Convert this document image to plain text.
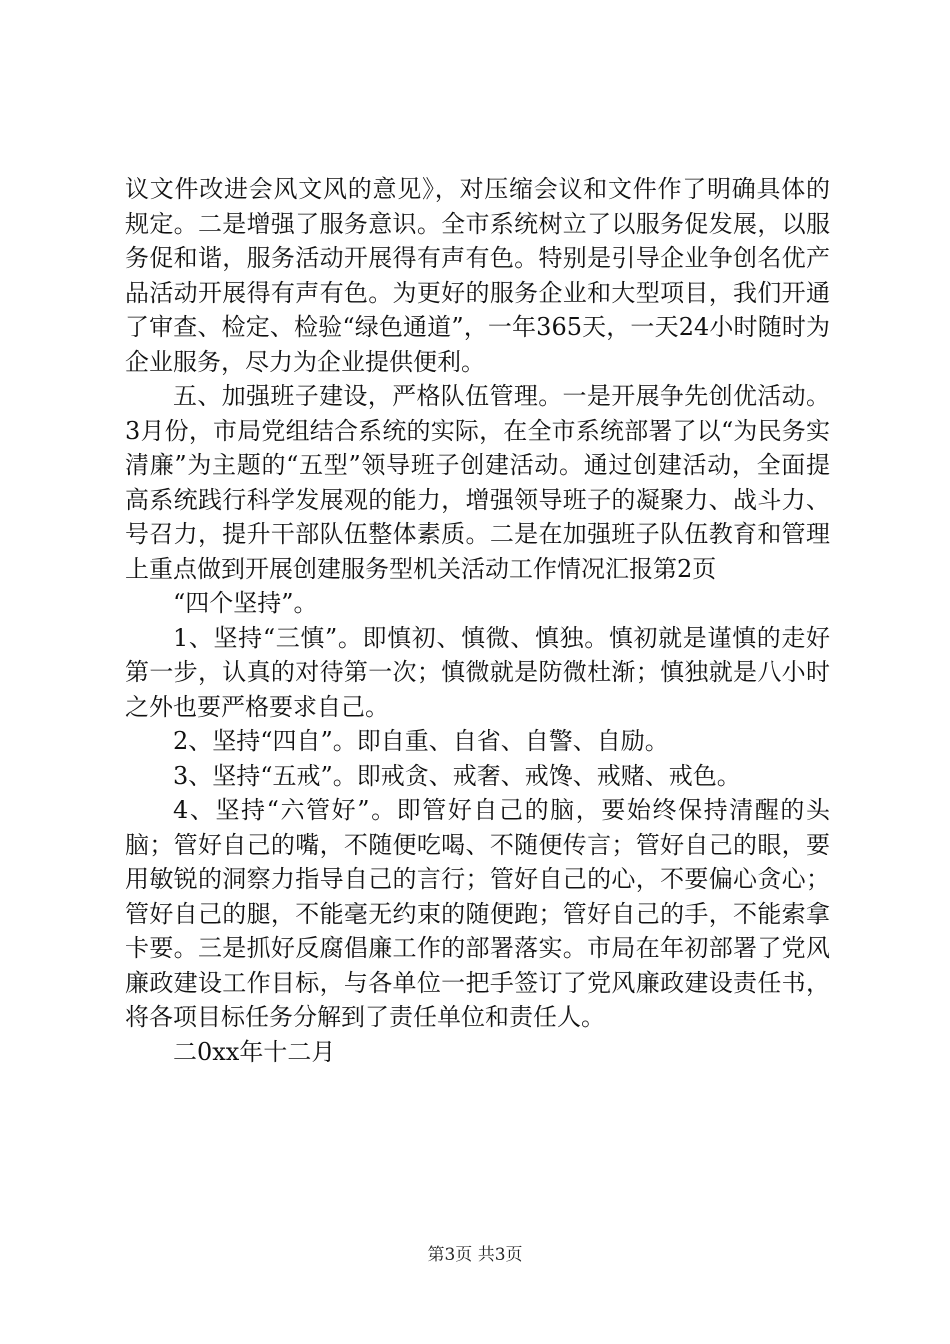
议文件改进会风文风的意见》，对压缩会议和文件作了明确具体的规定。二是增强了服务意识。全市系统树立了以服务促发展，以服务促和谐，服务活动开展得有声有色。特别是引导企业争创名优产品活动开展得有声有色。为更好的服务企业和大型项目，我们开通了审查、检定、检验“绿色通道”，一年365天，一天24小时随时为企业服务，尽力为企业提供便利。

五、加强班子建设，严格队伍管理。一是开展争先创优活动。3月份，市局党组结合系统的实际，在全市系统部署了以“为民务实清廉”为主题的“五型”领导班子创建活动。通过创建活动，全面提高系统践行科学发展观的能力，增强领导班子的凝聚力、战斗力、号召力，提升干部队伍整体素质。二是在加强班子队伍教育和管理上重点做到开展创建服务型机关活动工作情况汇报第2页

“四个坚持”。

1、坚持“三慎”。即慎初、慎微、慎独。慎初就是谨慎的走好第一步，认真的对待第一次；慎微就是防微杜渐；慎独就是八小时之外也要严格要求自己。

2、坚持“四自”。即自重、自省、自警、自励。

3、坚持“五戒”。即戒贪、戒奢、戒馋、戒赌、戒色。

4、坚持“六管好”。即管好自己的脑，要始终保持清醒的头脑；管好自己的嘴，不随便吃喝、不随便传言；管好自己的眼，要用敏锐的洞察力指导自己的言行；管好自己的心，不要偏心贪心；管好自己的腿，不能毫无约束的随便跑；管好自己的手，不能索拿卡要。三是抓好反腐倡廉工作的部署落实。市局在年初部署了党风廉政建设工作目标，与各单位一把手签订了党风廉政建设责任书，将各项目标任务分解到了责任单位和责任人。

二0xx年十二月

第3页 共3页
